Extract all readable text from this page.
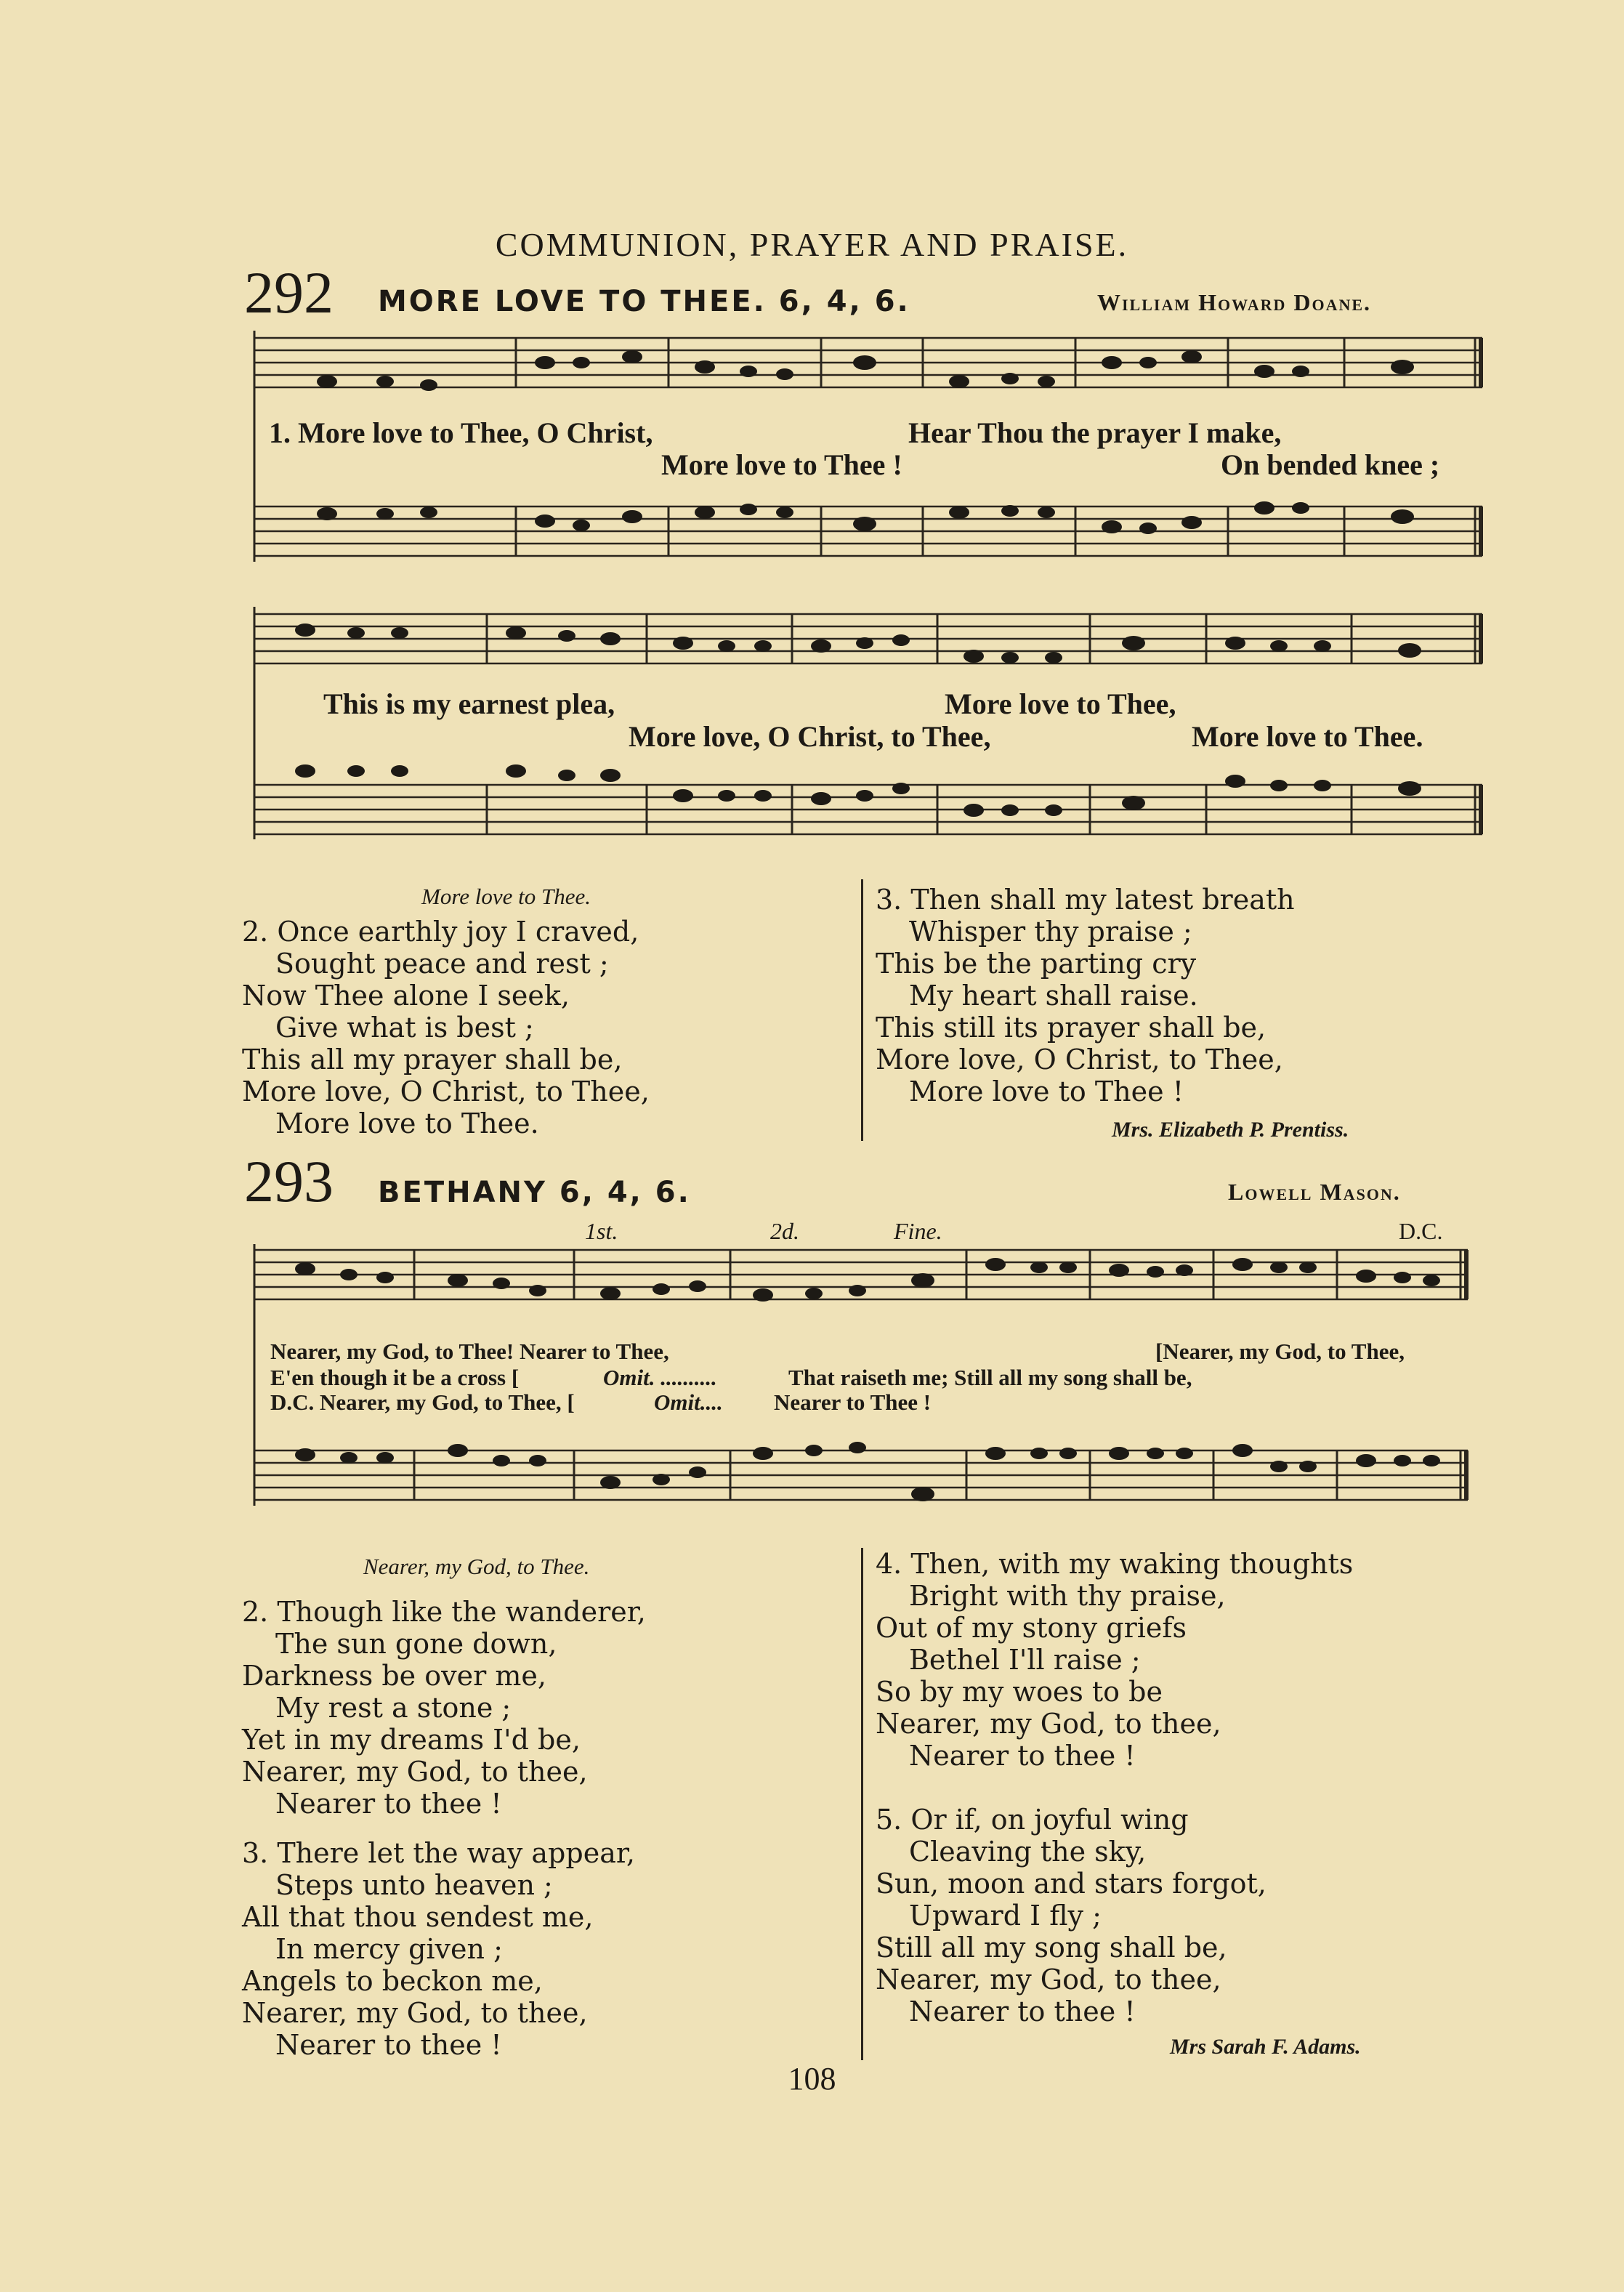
COMMUNION, PRAYER AND PRAISE.
292 MORE LOVE TO THEE. 6, 4, 6.	William Howard Doane.
1. More love to Thee, O Christ,	Hear Thou the prayer I make,
More love to Thee !	On bended knee ;
This is my earnest plea,	More love to Thee,
More love, O Christ, to Thee,	More love to Thee.
More love to Thee.
2. Once earthly joy I craved,
Sought peace and rest ;
Now Thee alone I seek,
Give what is best ;
This all my prayer shall be,
More love, O Christ, to Thee,
More love to Thee.
3. Then shall my latest breath
Whisper thy praise ;
This be the parting cry
My heart shall raise.
This still its prayer shall be,
More love, O Christ, to Thee,
More love to Thee !
Mrs. Elizabeth P. Prentiss.
293 BETHANY 6, 4, 6.	Lowell Mason.
1st.	2d.	Fine.	D.C.
Nearer, my God, to Thee! Nearer to Thee,	[Nearer, my God, to Thee,
E'en though it be a cross [	Omit. ..........	That raiseth me; Still all my song shall be,
D.C. Nearer, my God, to Thee, [	Omit.... Nearer to Thee !
Nearer, my God, to Thee.
2. Though like the wanderer,
The sun gone down,
Darkness be over me,
My rest a stone ;
Yet in my dreams I'd be,
Nearer, my God, to thee,
Nearer to thee !
3. There let the way appear,
Steps unto heaven ;
All that thou sendest me,
In mercy given ;
Angels to beckon me,
Nearer, my God, to thee,
Nearer to thee !
4. Then, with my waking thoughts
Bright with thy praise,
Out of my stony griefs
Bethel I'll raise ;
So by my woes to be
Nearer, my God, to thee,
Nearer to thee !
5. Or if, on joyful wing
Cleaving the sky,
Sun, moon and stars forgot,
Upward I fly ;
Still all my song shall be,
Nearer, my God, to thee,
Nearer to thee !
Mrs Sarah F. Adams.
108
